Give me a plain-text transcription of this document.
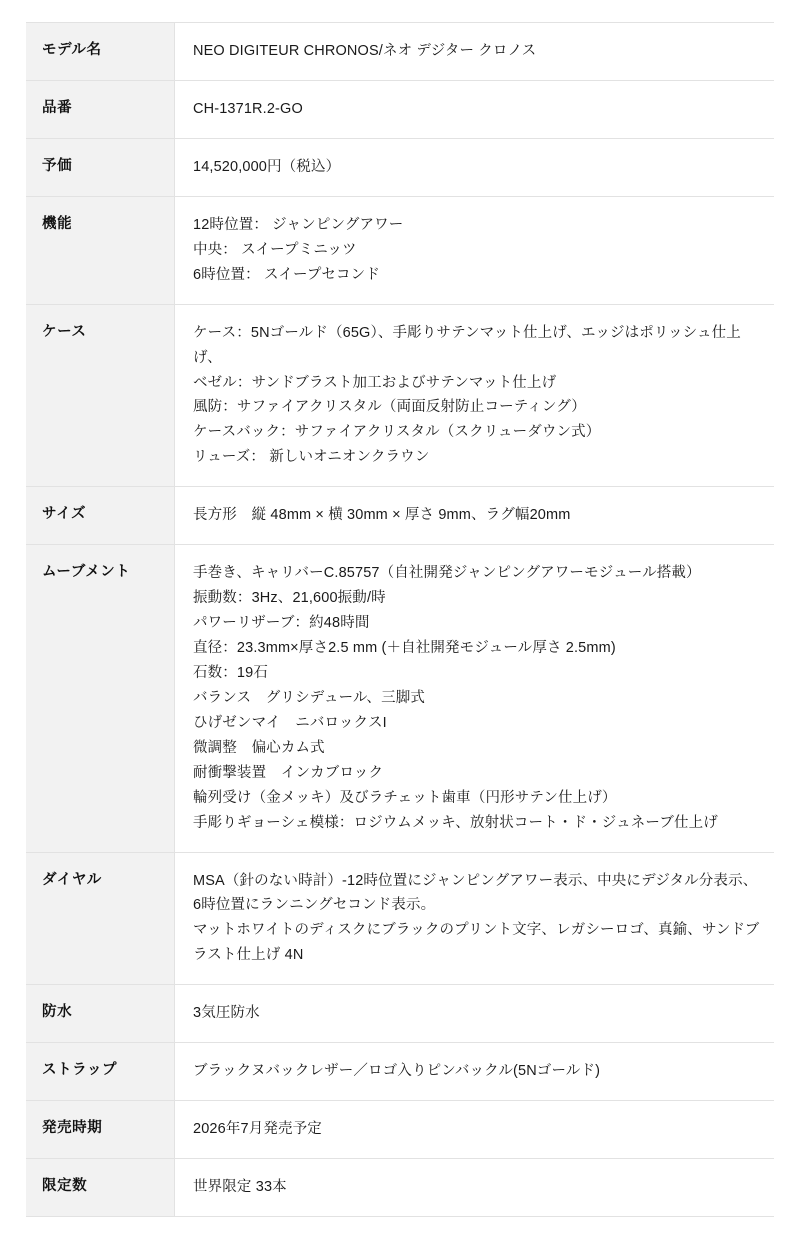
モデル名	NEO DIGITEUR CHRONOS/ネオ デジター クロノス

品番	CH-1371R.2-GO

予価	14,520,000円（税込）

機能	12時位置： ジャンピングアワー
中央： スイープミニッツ
6時位置： スイープセコンド

ケース	ケース：5Nゴールド（65G）、手彫りサテンマット仕上げ、エッジはポリッシュ仕上げ、
ベゼル：サンドブラスト加工およびサテンマット仕上げ
風防：サファイアクリスタル（両面反射防止コーティング）
ケースバック：サファイアクリスタル（スクリューダウン式）
リューズ： 新しいオニオンクラウン

サイズ	長方形　縦 48mm × 横 30mm × 厚さ 9mm、ラグ幅20mm

ムーブメント	手巻き、キャリバーC.85757（自社開発ジャンピングアワーモジュール搭載）
振動数：3Hz、21,600振動/時
パワーリザーブ：約48時間
直径：23.3mm×厚さ2.5 mm (＋自社開発モジュール厚さ 2.5mm)
石数：19石
バランス　グリシデュール、三脚式
ひげゼンマイ　ニバロックスI
微調整　偏心カム式
耐衝撃装置　インカブロック
輪列受け（金メッキ）及びラチェット歯車（円形サテン仕上げ）
手彫りギョーシェ模様：ロジウムメッキ、放射状コート・ド・ジュネーブ仕上げ

ダイヤル	MSA（針のない時計）-12時位置にジャンピングアワー表示、中央にデジタル分表示、6時位置にランニングセコンド表示。
マットホワイトのディスクにブラックのプリント文字、レガシーロゴ、真鍮、サンドブラスト仕上げ 4N

防水	3気圧防水

ストラップ	ブラックヌバックレザー／ロゴ入りピンバックル(5Nゴールド)

発売時期	2026年7月発売予定

限定数	世界限定 33本
